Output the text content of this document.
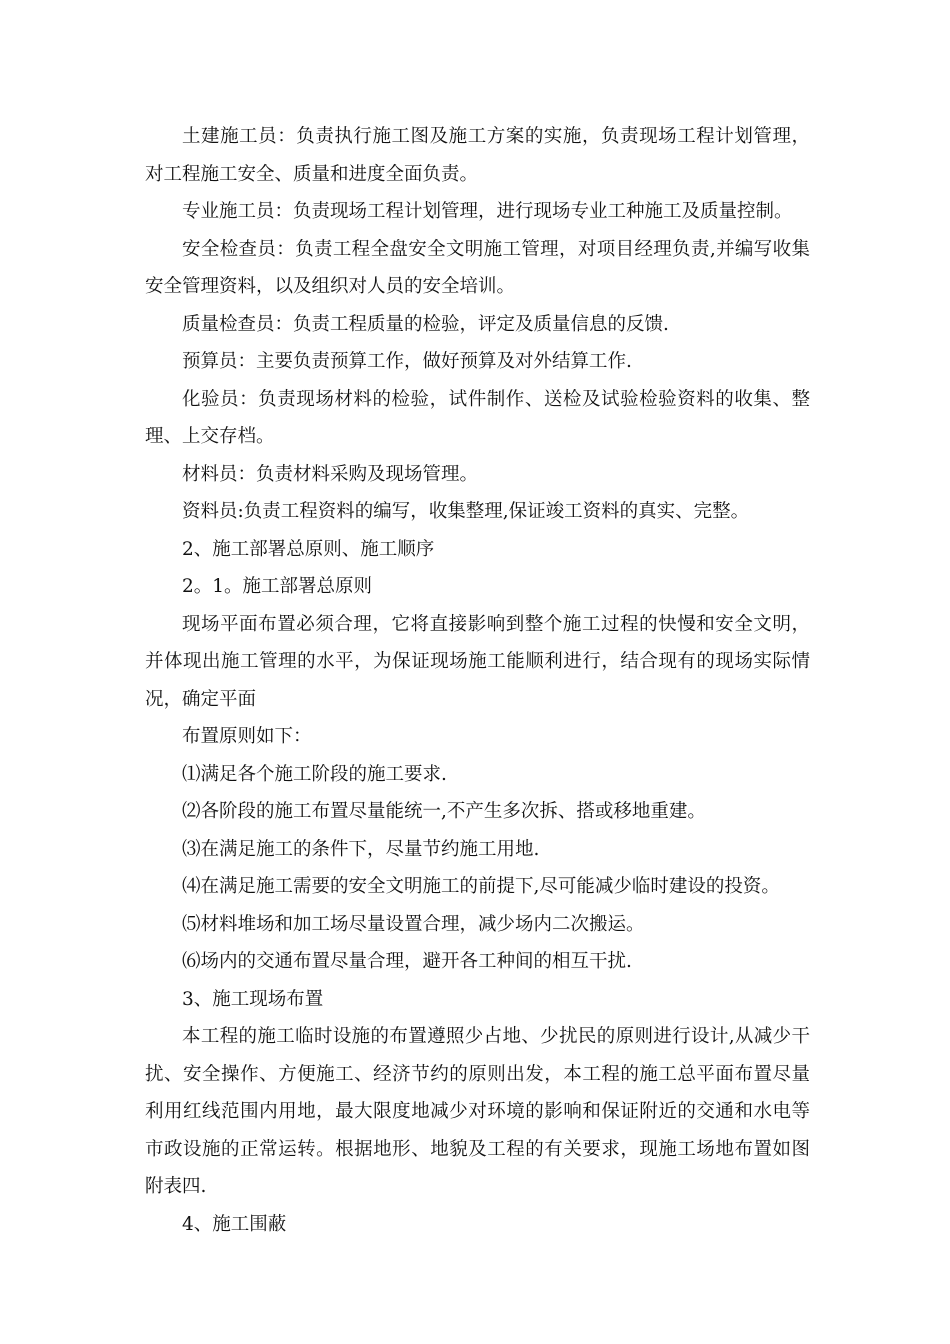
土建施工员：负责执行施工图及施工方案的实施，负责现场工程计划管理，对工程施工安全、质量和进度全面负责。

专业施工员：负责现场工程计划管理，进行现场专业工种施工及质量控制。

安全检查员：负责工程全盘安全文明施工管理，对项目经理负责,并编写收集安全管理资料，以及组织对人员的安全培训。

质量检查员：负责工程质量的检验，评定及质量信息的反馈.

预算员：主要负责预算工作，做好预算及对外结算工作.

化验员：负责现场材料的检验，试件制作、送检及试验检验资料的收集、整理、上交存档。

材料员：负责材料采购及现场管理。

资料员:负责工程资料的编写，收集整理,保证竣工资料的真实、完整。

2、施工部署总原则、施工顺序

2。1。施工部署总原则

现场平面布置必须合理，它将直接影响到整个施工过程的快慢和安全文明，并体现出施工管理的水平，为保证现场施工能顺利进行，结合现有的现场实际情况，确定平面

布置原则如下：

⑴满足各个施工阶段的施工要求.

⑵各阶段的施工布置尽量能统一,不产生多次拆、搭或移地重建。

⑶在满足施工的条件下，尽量节约施工用地.

⑷在满足施工需要的安全文明施工的前提下,尽可能减少临时建设的投资。

⑸材料堆场和加工场尽量设置合理，减少场内二次搬运。

⑹场内的交通布置尽量合理，避开各工种间的相互干扰.

3、施工现场布置

本工程的施工临时设施的布置遵照少占地、少扰民的原则进行设计,从减少干扰、安全操作、方便施工、经济节约的原则出发，本工程的施工总平面布置尽量利用红线范围内用地，最大限度地减少对环境的影响和保证附近的交通和水电等市政设施的正常运转。根据地形、地貌及工程的有关要求，现施工场地布置如图附表四.

4、施工围蔽
